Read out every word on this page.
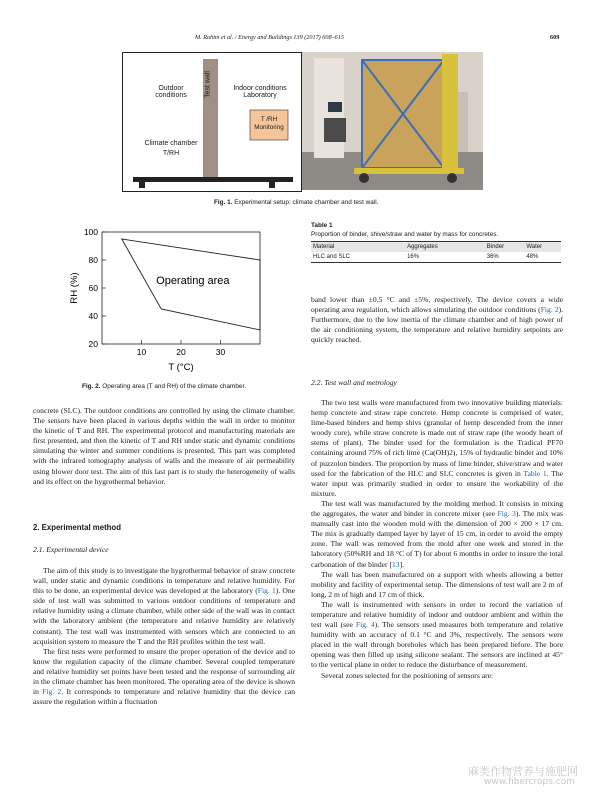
M. Rahim et al. / Energy and Buildings 139 (2017) 608–615	609
Outdoor
conditions
Indoor conditions
Laboratory
Test wall
T /RH
Monitoring
Climate chamber
T/RH
Fig. 1. Experimental setup: climate chamber and test wall.
10	20	30
20
40
60
80
100
Operating area
T (°C)
RH (%)
Fig. 2. Operating area (T and RH) of the climate chamber.
Table 1
Proportion of binder, shive/straw and water by mass for concretes.
Material	Aggregates	Binder	Water
HLC and SLC	16%	36%	48%

concrete (SLC). The outdoor conditions are controlled by using the climate chamber. The sensors have been placed in various depths within the wall in order to monitor the kinetic of T and RH. The experimental protocol and manufacturing materials are first presented, and then the kinetic of T and RH under static and dynamic conditions simulating the winter and summer conditions is presented. This part was completed with the infrared tomography analysis of walls and the measure of air permeability using blower door test. The aim of this last part is to study the heterogeneity of walls and its effect on the hygrothermal behavior.

2. Experimental method
2.1. Experimental device

The aim of this study is to investigate the hygrothermal behavior of straw concrete wall, under static and dynamic conditions in temperature and relative humidity. For this to be done, an experimental device was developed at the laboratory (Fig. 1). One side of test wall was submitted to various outdoor conditions of temperature and relative humidity using a climate chamber, while other side of the wall was in contact with the laboratory ambient (the temperature and relative humidity are relatively constant). The test wall was instrumented with sensors which are connected to an acquisition system to measure the T and the RH profiles within the test wall.

The first tests were performed to ensure the proper operation of the device and to know the regulation capacity of the climate chamber. Several coupled temperature and relative humidity set points have been tested and the response of surrounding air in the climate chamber has been monitored. The operating area of the device is shown in Fig. 2. It corresponds to temperature and relative humidity that the device can assure the regulation within a fluctuation

band lower than ±0.5 °C and ±5%, respectively. The device covers a wide operating area regulation, which allows simulating the outdoor conditions (Fig. 2). Furthermore, due to the low inertia of the climate chamber and of high power of the air conditioning system, the temperature and relative humidity setpoints are quickly reached.

2.2. Test wall and metrology

The two test walls were manufactured from two innovative building materials: hemp concrete and straw rape concrete. Hemp concrete is comprised of water, lime-based binders and hemp shivs (granular of hemp descended from the inner woody core), while straw concrete is made out of straw rape (the woody heart of stems of plant). The binder used for the formulation is the Tradical PF70 containing around 75% of rich lime (Ca(OH)2), 15% of hydraulic binder and 10% of puzzolon binders. The proportion by mass of lime binder, shive/straw and water used for the fabrication of the HLC and SLC concretes is given in Table 1. The water input was primarily studied in order to ensure the workability of the mixture.

The test wall was manufactured by the molding method. It consists in mixing the aggregates, the water and binder in concrete mixer (see Fig. 3). The mix was manually cast into the wooden mold with the dimension of 200 × 200 × 17 cm. The mix is gradually damped layer by layer of 15 cm, in order to avoid the empty zone. The wall was removed from the mold after one week and stored in the laboratory (50%RH and 18 °C of T) for about 6 months in order to insure the total carbonation of the binder [13].

The wall has been manufactured on a support with wheels allowing a better mobility and facility of experimental setup. The dimensions of test wall are 2 m of long, 2 m of high and 17 cm of thick.

The wall is instrumented with sensors in order to record the variation of temperature and relative humidity of indoor and outdoor ambient and within the test wall (see Fig. 4). The sensors used measures both temperature and relative humidity with an accuracy of 0.1 °C and 3%, respectively. The sensors were placed in the wall through boreholes which has been prepared before. The bore opening was then filled up using silicone sealant. The sensors are inclined at 45° to the vertical plane in order to reduce the disturbance of measurement.

Several zones selected for the positioning of sensors are:

麻类作物营养与施肥网
www.fibercrops.com
